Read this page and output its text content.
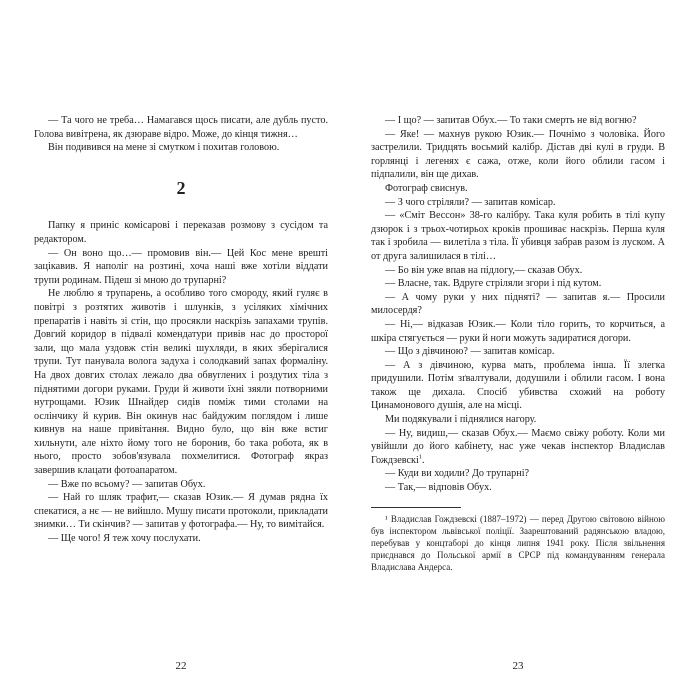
— Та чого не треба… Намагався щось писати, але дубль пусто. Голова вивітрена, як дзюраве відро. Може, до кінця тижня…

Він подивився на мене зі смутком і похитав головою.

2

Папку я приніс комісарові і переказав розмову з сусідом та редактором.

— Он воно що…— промовив він.— Цей Кос мене врешті зацікавив. Я наполіг на розтині, хоча наші вже хотіли віддати трупи родинам. Підеш зі мною до трупарні?

Не люблю я трупарень, а особливо того смороду, який гуляє в повітрі з розтятих животів і шлунків, з усіляких хімічних препаратів і навіть зі стін, що просякли наскрізь запахами трупів. Довгий коридор в підвалі комендатури привів нас до просторої зали, що мала уздовж стін великі шухляди, в яких зберігалися трупи. Тут панувала волога задуха і солодкавий запах формаліну. На двох довгих столах лежало два обвуглених і роздутих тіла з піднятими догори руками. Груди й животи їхні зяяли потворними нутрощами. Юзик Шнайдер сидів поміж тими столами на ослінчику й курив. Він окинув нас байдужим поглядом і лише кивнув на наше привітання. Видно було, що він вже встиг хильнути, але ніхто йому того не боронив, бо така робота, як в нього, просто зобов'язувала похмелитися. Фотограф якраз завершив клацати фотоапаратом.

— Вже по всьому? — запитав Обух.

— Най го шляк трафит,— сказав Юзик.— Я думав рядна їх спекатися, а нє — не вийшло. Мушу писати протоколи, прикладати знимки… Ти скінчив? — запитав у фотографа.— Ну, то вимітайся.

— Ще чого! Я теж хочу послухати.

22

— І що? — запитав Обух.— То таки смерть не від вогню?

— Яке! — махнув рукою Юзик.— Почнімо з чоловіка. Його застрелили. Тридцять восьмий калібр. Дістав дві кулі в груди. В горлянці і легенях є сажа, отже, коли його облили гасом і підпалили, він ще дихав.

Фотограф свиснув.

— З чого стріляли? — запитав комісар.

— «Сміт Вессон» 38-го калібру. Така куля робить в тілі купу дзюрок і з трьох-чотирьох кроків прошиває наскрізь. Перша куля так і зробила — вилетіла з тіла. Її убивця забрав разом із луском. А от друга залишилася в тілі…

— Бо він уже впав на підлогу,— сказав Обух.

— Власне, так. Вдруге стріляли згори і під кутом.

— А чому руки у них підняті? — запитав я.— Просили милосердя?

— Ні,— відказав Юзик.— Коли тіло горить, то корчиться, а шкіра стягується — руки й ноги можуть задиратися догори.

— Що з дівчиною? — запитав комісар.

— А з дівчиною, курва мать, проблема інша. Її злегка придушили. Потім зґвалтували, додушили і облили гасом. І вона також ще дихала. Спосіб убивства схожий на роботу Цинамонового душія, але на місці.

Ми подякували і піднялися нагору.

— Ну, видиш,— сказав Обух.— Маємо свіжу роботу. Коли ми увійшли до його кабінету, нас уже чекав інспектор Владислав Гождзевскі$^1$.

— Куди ви ходили? До трупарні?

— Так,— відповів Обух.

¹ Владислав Гождзевскі (1887–1972) — перед Другою світовою війною був інспектором львівської поліції. Заарештований радянською владою, перебував у концтаборі до кінця липня 1941 року. Після звільнення приєднався до Польської армії в СРСР під командуванням генерала Владислава Андерса.

23
